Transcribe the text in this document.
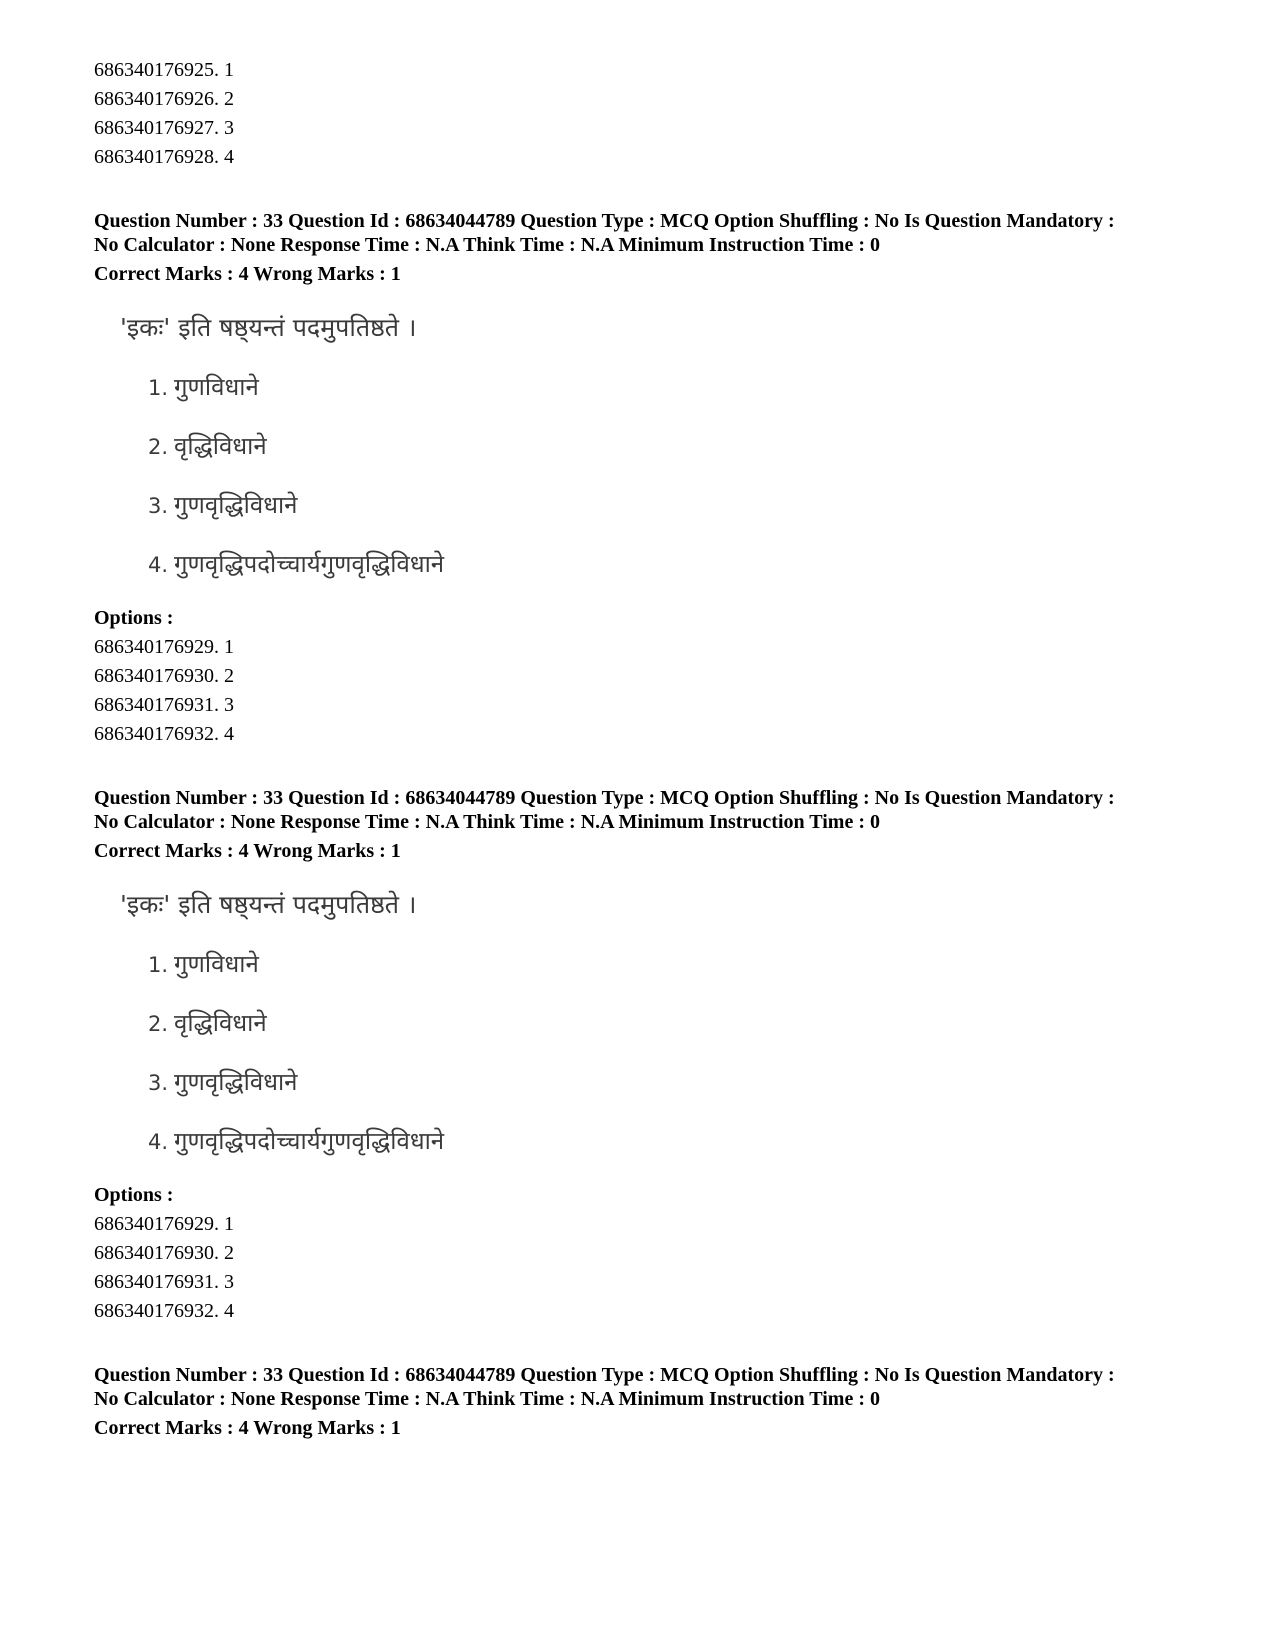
686340176925. 1
686340176926. 2
686340176927. 3
686340176928. 4

Question Number : 33 Question Id : 68634044789 Question Type : MCQ Option Shuffling : No Is Question Mandatory :

No Calculator : None Response Time : N.A Think Time : N.A Minimum Instruction Time : 0

Correct Marks : 4 Wrong Marks : 1
'इकः' इति षष्ठ्यन्तं पदमुपतिष्ठते ।
1. गुणविधाने
2. वृद्धिविधाने
3. गुणवृद्धिविधाने
4. गुणवृद्धिपदोच्चार्यगुणवृद्धिविधाने
Options :
686340176929. 1
686340176930. 2
686340176931. 3
686340176932. 4

Question Number : 33 Question Id : 68634044789 Question Type : MCQ Option Shuffling : No Is Question Mandatory :

No Calculator : None Response Time : N.A Think Time : N.A Minimum Instruction Time : 0

Correct Marks : 4 Wrong Marks : 1
'इकः' इति षष्ठ्यन्तं पदमुपतिष्ठते ।
1. गुणविधाने
2. वृद्धिविधाने
3. गुणवृद्धिविधाने
4. गुणवृद्धिपदोच्चार्यगुणवृद्धिविधाने
Options :
686340176929. 1
686340176930. 2
686340176931. 3
686340176932. 4

Question Number : 33 Question Id : 68634044789 Question Type : MCQ Option Shuffling : No Is Question Mandatory :

No Calculator : None Response Time : N.A Think Time : N.A Minimum Instruction Time : 0

Correct Marks : 4 Wrong Marks : 1
